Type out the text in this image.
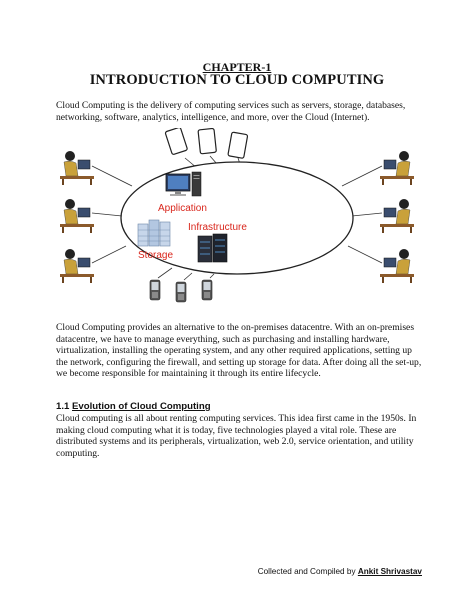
CHAPTER-1
INTRODUCTION TO CLOUD COMPUTING
Cloud Computing is the delivery of computing services such as servers, storage, databases, networking, software, analytics, intelligence, and more, over the Cloud (Internet).
Application
Storage
Infrastructure
Cloud Computing provides an alternative to the on-premises datacentre. With an on-premises datacentre, we have to manage everything, such as purchasing and installing hardware, virtualization, installing the operating system, and any other required applications, setting up the network, configuring the firewall, and setting up storage for data. After doing all the set-up, we become responsible for maintaining it through its entire lifecycle.
1.1 Evolution of Cloud Computing
Cloud computing is all about renting computing services. This idea first came in the 1950s. In making cloud computing what it is today, five technologies played a vital role. These are distributed systems and its peripherals, virtualization, web 2.0, service orientation, and utility computing.
Collected and Compiled by Ankit Shrivastav
